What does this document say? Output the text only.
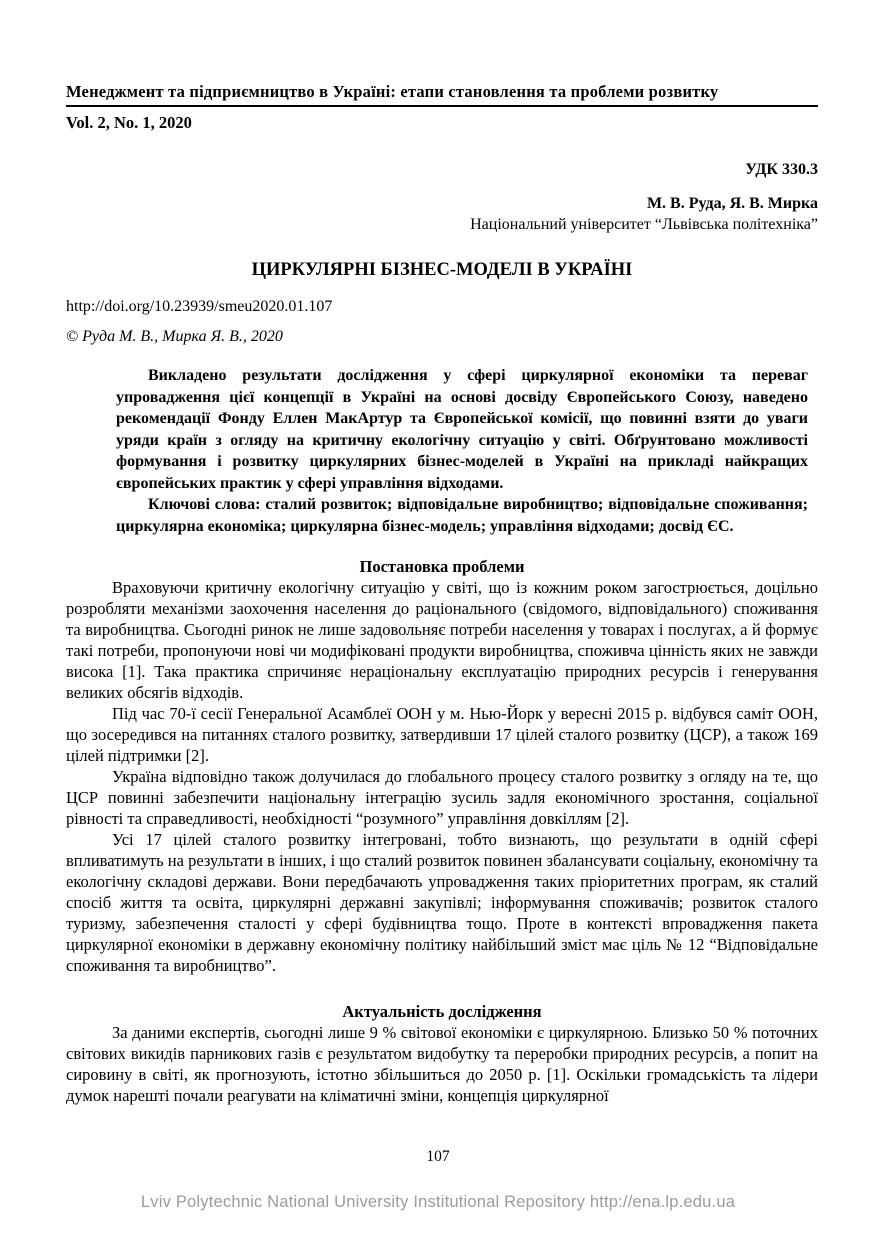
Менеджмент та підприємництво в Україні: етапи становлення та проблеми розвитку
Vol. 2, No. 1, 2020
УДК 330.3
М. В. Руда, Я. В. Мирка
Національний університет “Львівська політехніка”
ЦИРКУЛЯРНІ БІЗНЕС-МОДЕЛІ В УКРАЇНІ
http://doi.org/10.23939/smeu2020.01.107
© Руда М. В., Мирка Я. В., 2020

Викладено результати дослідження у сфері циркулярної економіки та переваг упровадження цієї концепції в Україні на основі досвіду Європейського Союзу, наведено рекомендації Фонду Еллен МакАртур та Європейської комісії, що повинні взяти до уваги уряди країн з огляду на критичну екологічну ситуацію у світі. Обґрунтовано можливості формування і розвитку циркулярних бізнес-моделей в Україні на прикладі найкращих європейських практик у сфері управління відходами.

Ключові слова: сталий розвиток; відповідальне виробництво; відповідальне споживання; циркулярна економіка; циркулярна бізнес-модель; управління відходами; досвід ЄС.

Постановка проблеми

Враховуючи критичну екологічну ситуацію у світі, що із кожним роком загострюється, доцільно розробляти механізми заохочення населення до раціонального (свідомого, відповідального) споживання та виробництва. Сьогодні ринок не лише задовольняє потреби населення у товарах і послугах, а й формує такі потреби, пропонуючи нові чи модифіковані продукти виробництва, споживча цінність яких не завжди висока [1]. Така практика спричиняє нераціональну експлуатацію природних ресурсів і генерування великих обсягів відходів.

Під час 70-ї сесії Генеральної Асамблеї ООН у м. Нью-Йорк у вересні 2015 р. відбувся саміт ООН, що зосередився на питаннях сталого розвитку, затвердивши 17 цілей сталого розвитку (ЦСР), а також 169 цілей підтримки [2].

Україна відповідно також долучилася до глобального процесу сталого розвитку з огляду на те, що ЦСР повинні забезпечити національну інтеграцію зусиль задля економічного зростання, соціальної рівності та справедливості, необхідності “розумного” управління довкіллям [2].

Усі 17 цілей сталого розвитку інтегровані, тобто визнають, що результати в одній сфері впливатимуть на результати в інших, і що сталий розвиток повинен збалансувати соціальну, економічну та екологічну складові держави. Вони передбачають упровадження таких пріоритетних програм, як сталий спосіб життя та освіта, циркулярні державні закупівлі; інформування споживачів; розвиток сталого туризму, забезпечення сталості у сфері будівництва тощо. Проте в контексті впровадження пакета циркулярної економіки в державну економічну політику найбільший зміст має ціль № 12 “Відповідальне споживання та виробництво”.

Актуальність дослідження

За даними експертів, сьогодні лише 9 % світової економіки є циркулярною. Близько 50 % поточних світових викидів парникових газів є результатом видобутку та переробки природних ресурсів, а попит на сировину в світі, як прогнозують, істотно збільшиться до 2050 р. [1]. Оскільки громадськість та лідери думок нарешті почали реагувати на кліматичні зміни, концепція циркулярної

107
Lviv Polytechnic National University Institutional Repository http://ena.lp.edu.ua
